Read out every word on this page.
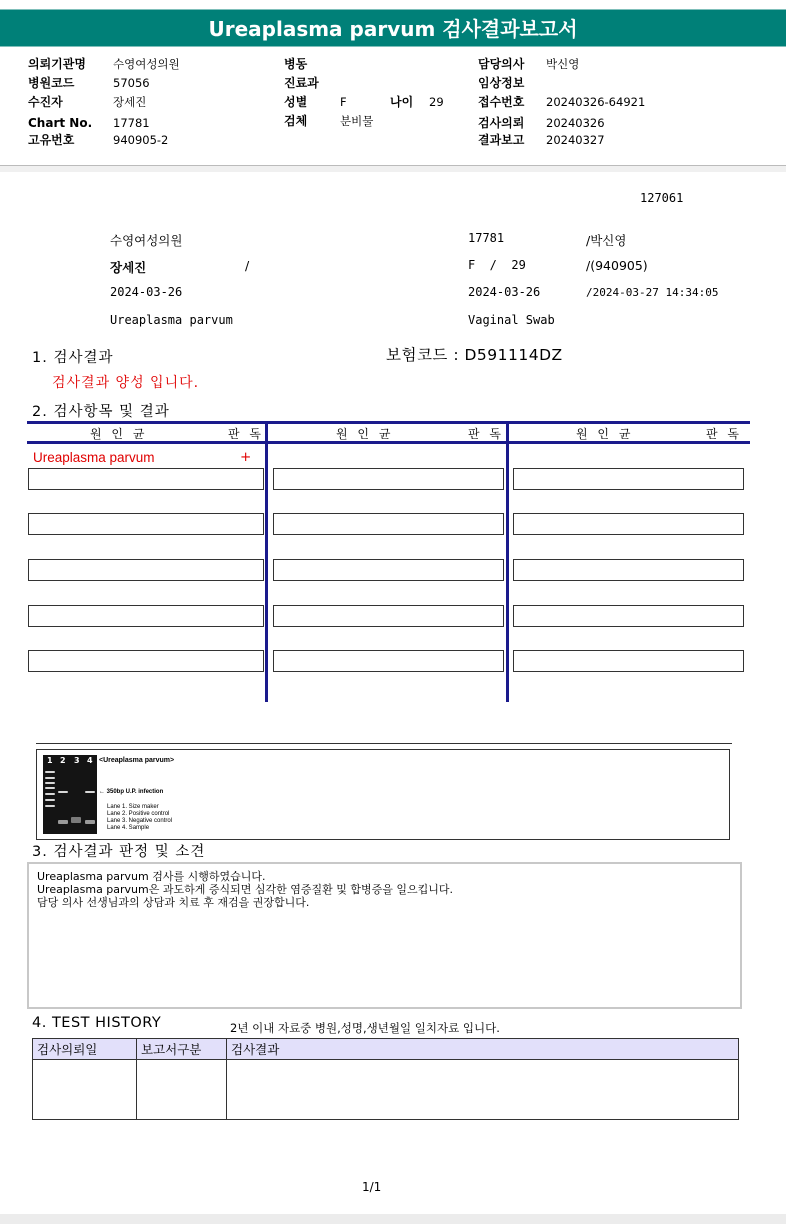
Ureaplasma parvum 검사결과보고서
의뢰기관명 수영여성의원
병원코드	57056
수진자	장세진
Chart No. 17781
고유번호	940905-2
병동
진료과
성별	F	나이 29
검체	분비물
담당의사 박신영
임상정보
접수번호 20240326-64921
검사의뢰 20240326
결과보고 20240327
127061
수영여성의원	17781	/박신영
장세진	/	F  /  29	/(940905)
2024-03-26	2024-03-26	/2024-03-27 14:34:05
Ureaplasma parvum	Vaginal Swab
1. 검사결과	보험코드 : D591114DZ
검사결과 양성 입니다.
2. 검사항목 및 결과
원 인 균	판 독	원 인 균	판 독	원 인 균	판 독
Ureaplasma parvum	+
1 2 3 4 <Ureaplasma parvum>
← 350bp U.P. infection
Lane 1. Size maker
Lane 2. Positive control
Lane 3. Negative control
Lane 4. Sample
3. 검사결과 판정 및 소견
Ureaplasma parvum 검사를 시행하였습니다.
Ureaplasma parvum은 과도하게 증식되면 심각한 염증질환 및 합병증을 일으킵니다.
담당 의사 선생님과의 상담과 치료 후 재검을 권장합니다.
4. TEST HISTORY	2년 이내 자료중 병원,성명,생년월일 일치자료 입니다.
검사의뢰일	보고서구분	검사결과

1/1
